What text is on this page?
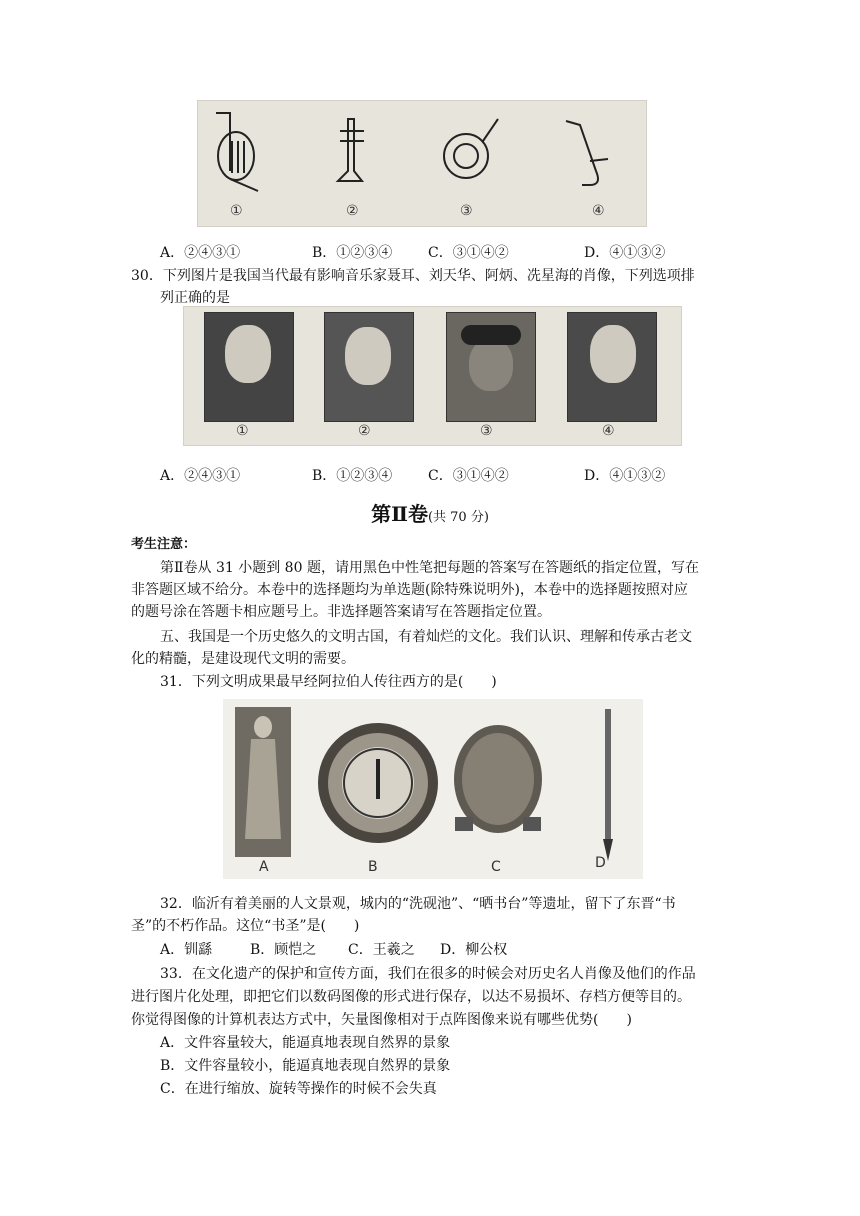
①	②	③	④
A．②④③①	B．①②③④	C．③①④②	D．④①③②
30．下列图片是我国当代最有影响音乐家聂耳、刘天华、阿炳、冼星海的肖像，下列选项排
列正确的是
①	②	③	④
A．②④③①	B．①②③④	C．③①④②	D．④①③②
第Ⅱ卷(共 70 分)
考生注意：
第Ⅱ卷从 31 小题到 80 题，请用黑色中性笔把每题的答案写在答题纸的指定位置，写在
非答题区域不给分。本卷中的选择题均为单选题(除特殊说明外)，本卷中的选择题按照对应
的题号涂在答题卡相应题号上。非选择题答案请写在答题指定位置。
五、我国是一个历史悠久的文明古国，有着灿烂的文化。我们认识、理解和传承古老文
化的精髓，是建设现代文明的需要。
31．下列文明成果最早经阿拉伯人传往西方的是(　　)
A	B	C	D
32．临沂有着美丽的人文景观，城内的“洗砚池”、“晒书台”等遗址，留下了东晋“书
圣”的不朽作品。这位“书圣”是(　　)
A．钏繇	B．顾恺之 C．王羲之 D．柳公权
33．在文化遗产的保护和宣传方面，我们在很多的时候会对历史名人肖像及他们的作品
进行图片化处理，即把它们以数码图像的形式进行保存，以达不易损坏、存档方便等目的。
你觉得图像的计算机表达方式中，矢量图像相对于点阵图像来说有哪些优势(　　)
A．文件容量较大，能逼真地表现自然界的景象
B．文件容量较小，能逼真地表现自然界的景象
C．在进行缩放、旋转等操作的时候不会失真
